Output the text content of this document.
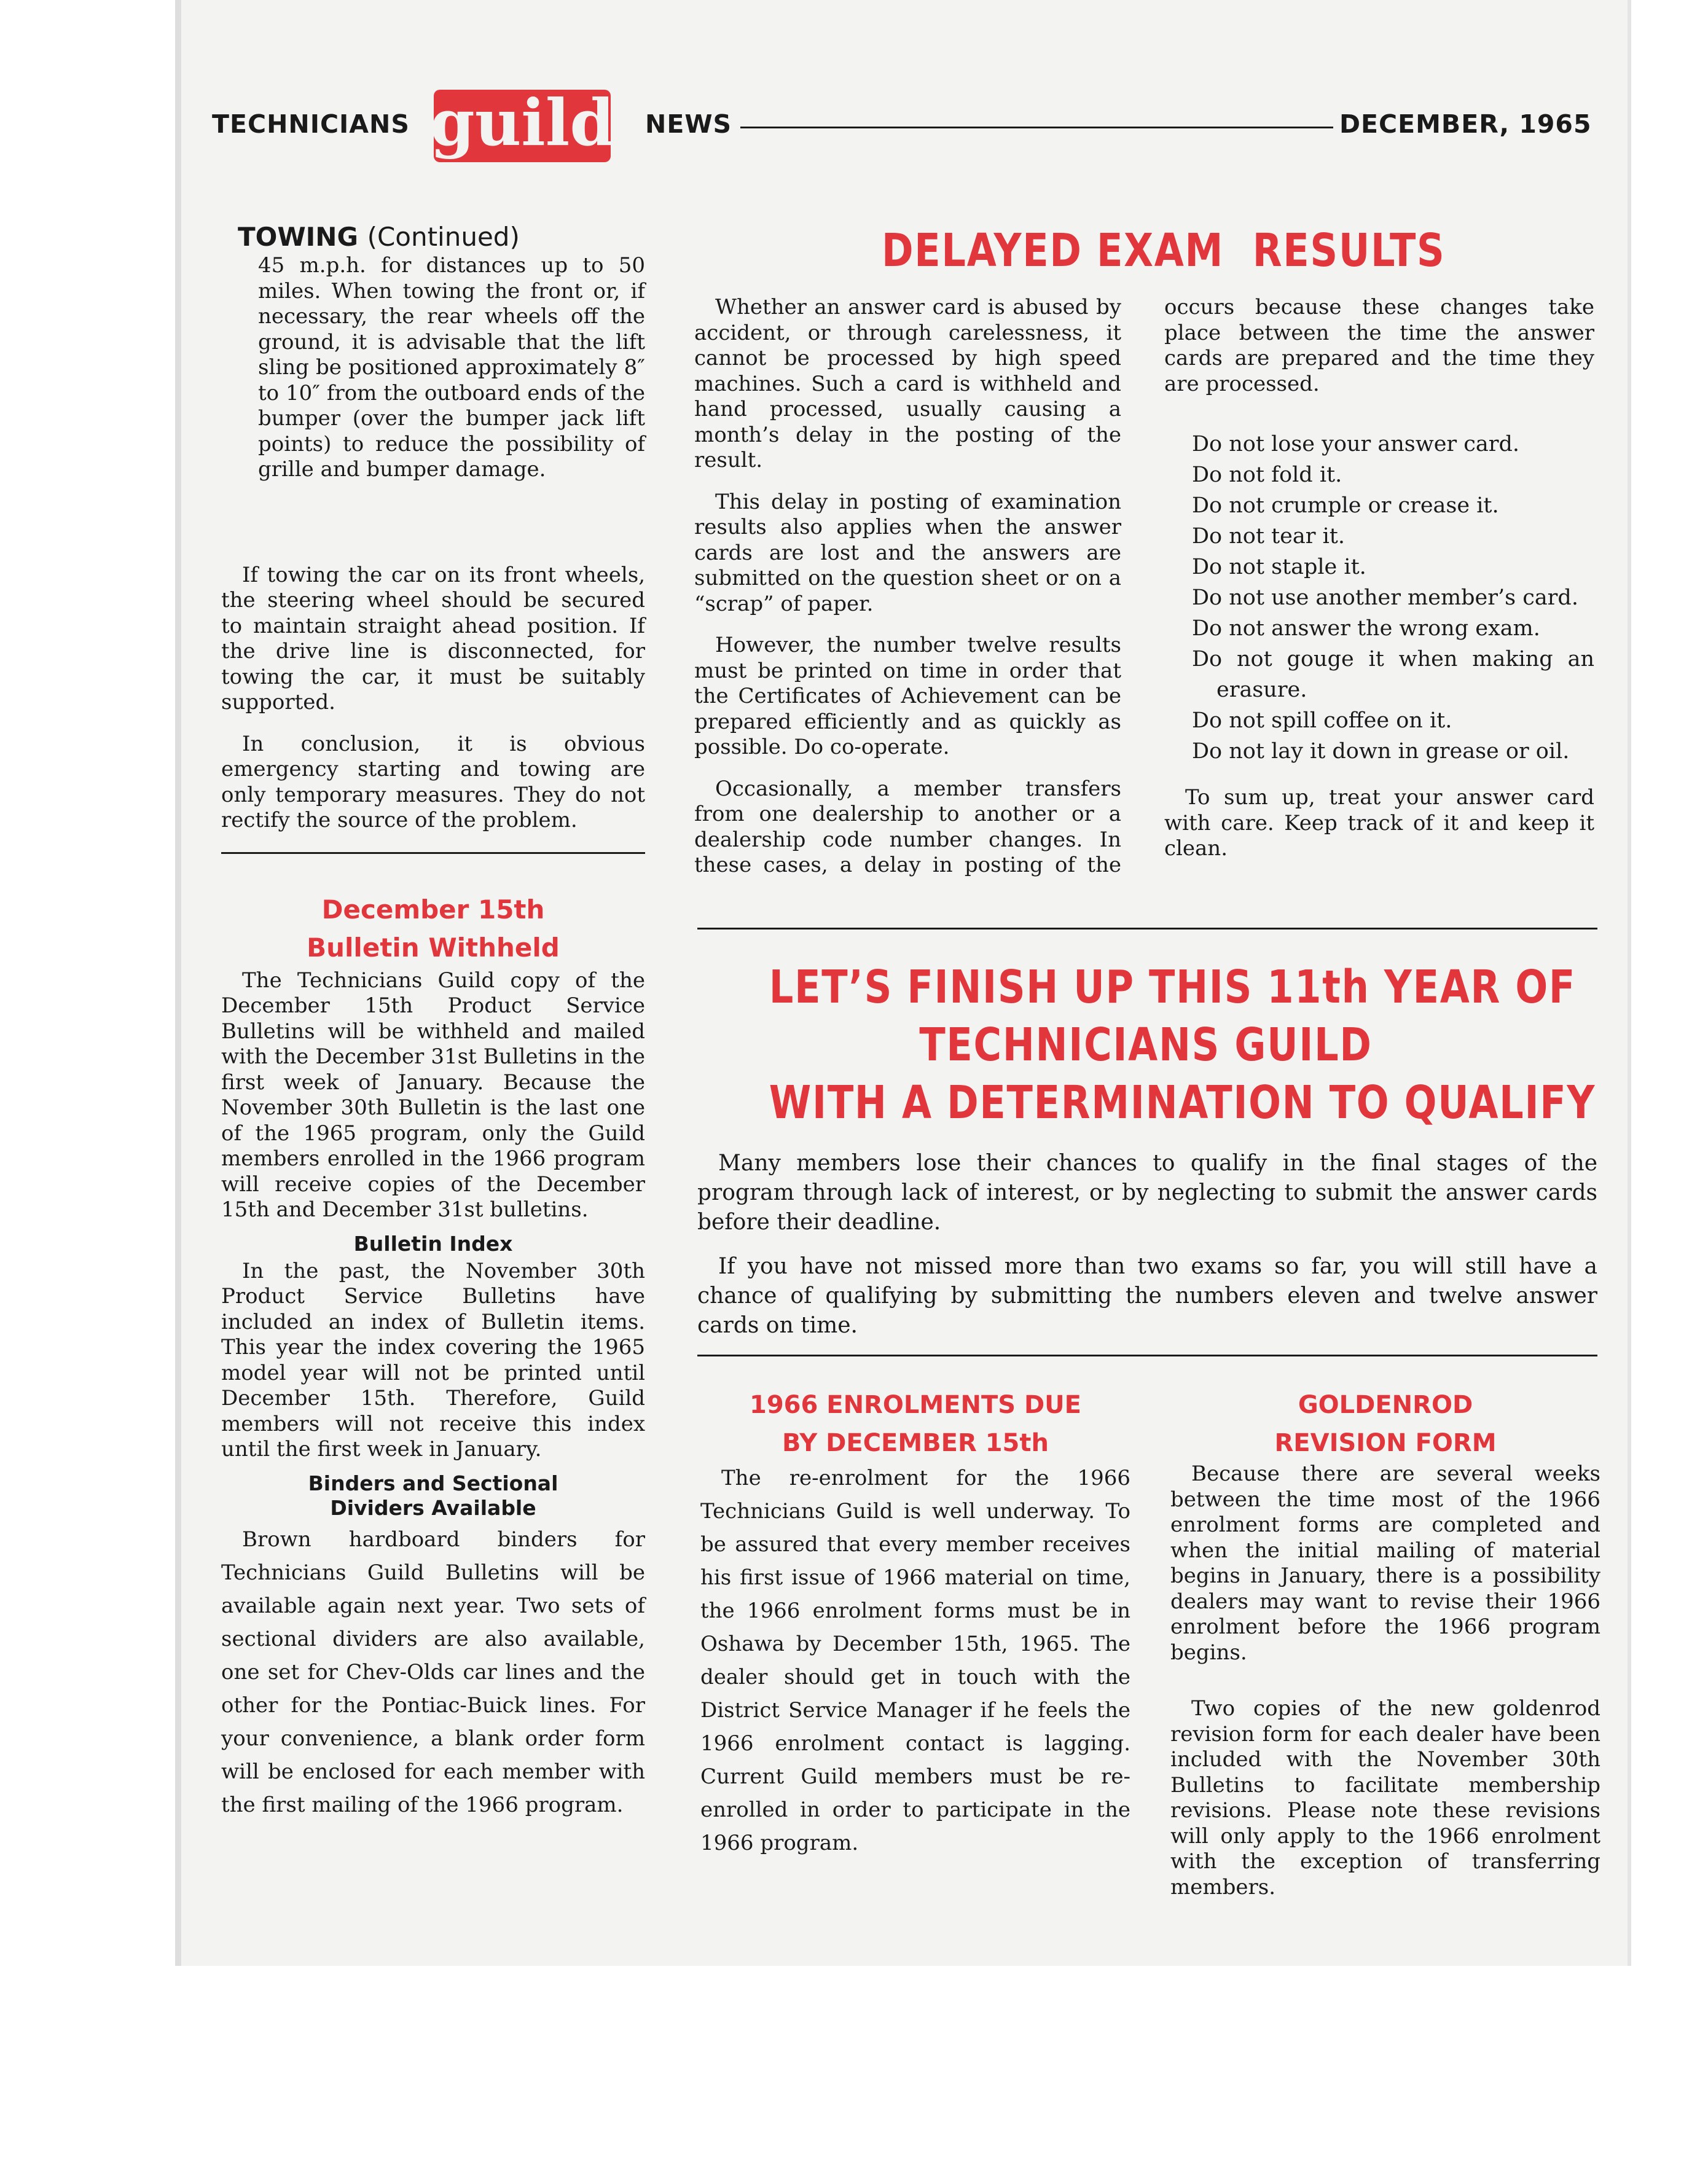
TECHNICIANS guild NEWS	DECEMBER, 1965
TOWING (Continued)

45 m.p.h. for distances up to 50 miles. When towing the front or, if necessary, the rear wheels off the ground, it is advisable that the lift sling be positioned approximately 8″ to 10″ from the outboard ends of the bumper (over the bumper jack lift points) to reduce the possibility of grille and bumper damage.

If towing the car on its front wheels, the steering wheel should be secured to maintain straight ahead position. If the drive line is disconnected, for towing the car, it must be suitably supported.

In conclusion, it is obvious emergency starting and towing are only temporary measures. They do not rectify the source of the problem.

December 15th
Bulletin Withheld

The Technicians Guild copy of the December 15th Product Service Bulletins will be withheld and mailed with the December 31st Bulletins in the first week of January. Because the November 30th Bulletin is the last one of the 1965 program, only the Guild members enrolled in the 1966 program will receive copies of the December 15th and December 31st bulletins.

Bulletin Index

In the past, the November 30th Product Service Bulletins have included an index of Bulletin items. This year the index covering the 1965 model year will not be printed until December 15th. Therefore, Guild members will not receive this index until the first week in January.

Binders and Sectional
Dividers Available

Brown hardboard binders for Technicians Guild Bulletins will be available again next year. Two sets of sectional dividers are also available, one set for Chev-Olds car lines and the other for the Pontiac-Buick lines. For your convenience, a blank order form will be enclosed for each member with the first mailing of the 1966 program.

DELAYED EXAM  RESULTS

Whether an answer card is abused by accident, or through carelessness, it cannot be processed by high speed machines. Such a card is withheld and hand processed, usually causing a month’s delay in the posting of the result.

This delay in posting of examination results also applies when the answer cards are lost and the answers are submitted on the question sheet or on a “scrap” of paper.

However, the number twelve results must be printed on time in order that the Certificates of Achievement can be prepared efficiently and as quickly as possible. Do co-operate.

Occasionally, a member transfers from one dealership to another or a dealership code number changes. In these cases, a delay in posting of the

occurs because these changes take place between the time the answer cards are prepared and the time they are processed.

Do not lose your answer card.
Do not fold it.
Do not crumple or crease it.
Do not tear it.
Do not staple it.
Do not use another member’s card.
Do not answer the wrong exam.
Do not gouge it when making an erasure.
Do not spill coffee on it.
Do not lay it down in grease or oil.

To sum up, treat your answer card with care. Keep track of it and keep it clean.

LET’S FINISH UP THIS 11th YEAR OF
TECHNICIANS GUILD
WITH A DETERMINATION TO QUALIFY

Many members lose their chances to qualify in the final stages of the program through lack of interest, or by neglecting to submit the answer cards before their deadline.

If you have not missed more than two exams so far, you will still have a chance of qualifying by submitting the numbers eleven and twelve answer cards on time.

1966 ENROLMENTS DUE
BY DECEMBER 15th

The re-enrolment for the 1966 Technicians Guild is well underway. To be assured that every member receives his first issue of 1966 material on time, the 1966 enrolment forms must be in Oshawa by December 15th, 1965. The dealer should get in touch with the District Service Manager if he feels the 1966 enrolment contact is lagging. Current Guild members must be re-enrolled in order to participate in the 1966 program.

GOLDENROD
REVISION FORM

Because there are several weeks between the time most of the 1966 enrolment forms are completed and when the initial mailing of material begins in January, there is a possibility dealers may want to revise their 1966 enrolment before the 1966 program begins.

Two copies of the new goldenrod revision form for each dealer have been included with the November 30th Bulletins to facilitate membership revisions. Please note these revisions will only apply to the 1966 enrolment with the exception of transferring members.
